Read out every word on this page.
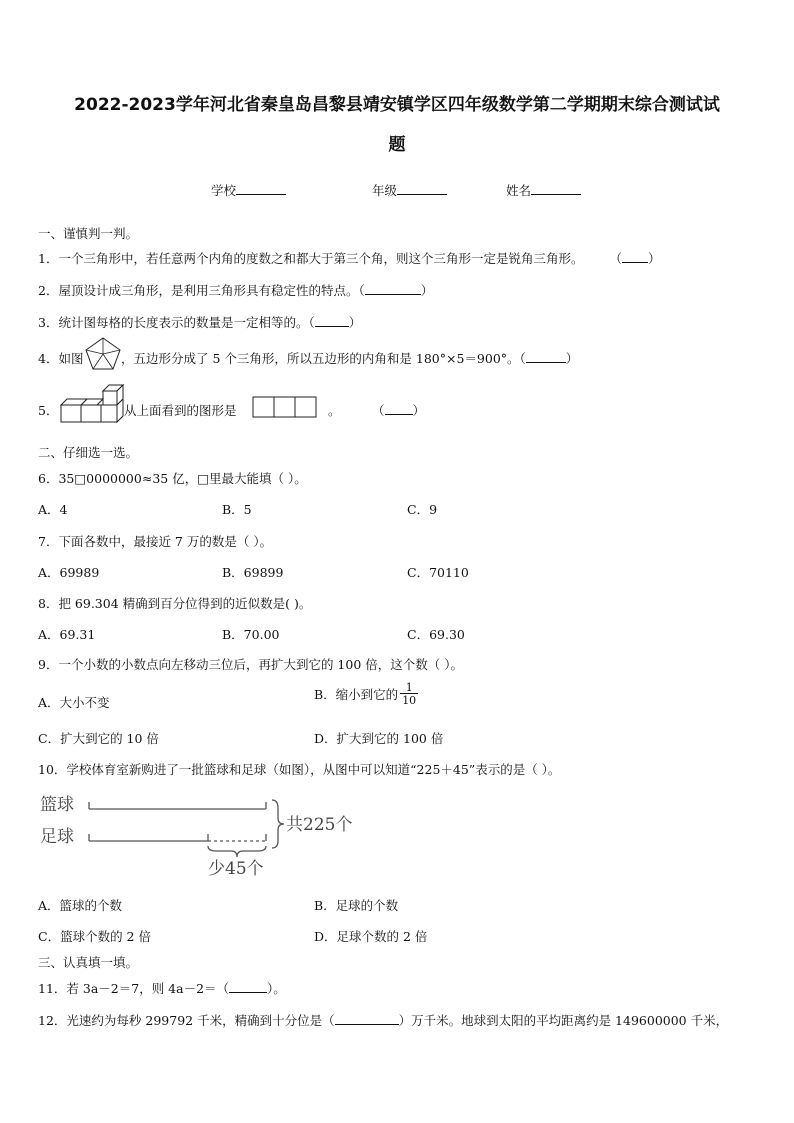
2022-2023学年河北省秦皇岛昌黎县靖安镇学区四年级数学第二学期期末综合测试试
题
学校	年级	姓名
一、谨慎判一判。
1．一个三角形中，若任意两个内角的度数之和都大于第三个角，则这个三角形一定是锐角三角形。 （ ）
2．屋顶设计成三角形，是利用三角形具有稳定性的特点。（	）
3．统计图每格的长度表示的数量是一定相等的。（	）
4．如图	，五边形分成了 5 个三角形，所以五边形的内角和是 180°×5＝900°。（	）
5．	从上面看到的图形是	。	（ ）
二、仔细选一选。
6．35□0000000≈35 亿，□里最大能填（ ）。
A．4	B．5	C．9
7．下面各数中，最接近 7 万的数是（ ）。
A．69989	B．69899	C．70110
8．把 69.304 精确到百分位得到的近似数是( )。
A．69.31	B．70.00	C．69.30
9．一个小数的小数点向左移动三位后，再扩大到它的 100 倍，这个数（ ）。
A．大小不变
B．缩小到它的 $\frac{1}{10}$
C．扩大到它的 10 倍	D．扩大到它的 100 倍
10．学校体育室新购进了一批篮球和足球（如图），从图中可以知道“225＋45”表示的是（ ）。
篮球
足球
共225个
少45个
A．篮球的个数	B．足球的个数
C．篮球个数的 2 倍	D．足球个数的 2 倍
三、认真填一填。
11．若 3a－2＝7，则 4a－2＝（	）。
12．光速约为每秒 299792 千米，精确到十分位是（	）万千米。地球到太阳的平均距离约是 149600000 千米，
